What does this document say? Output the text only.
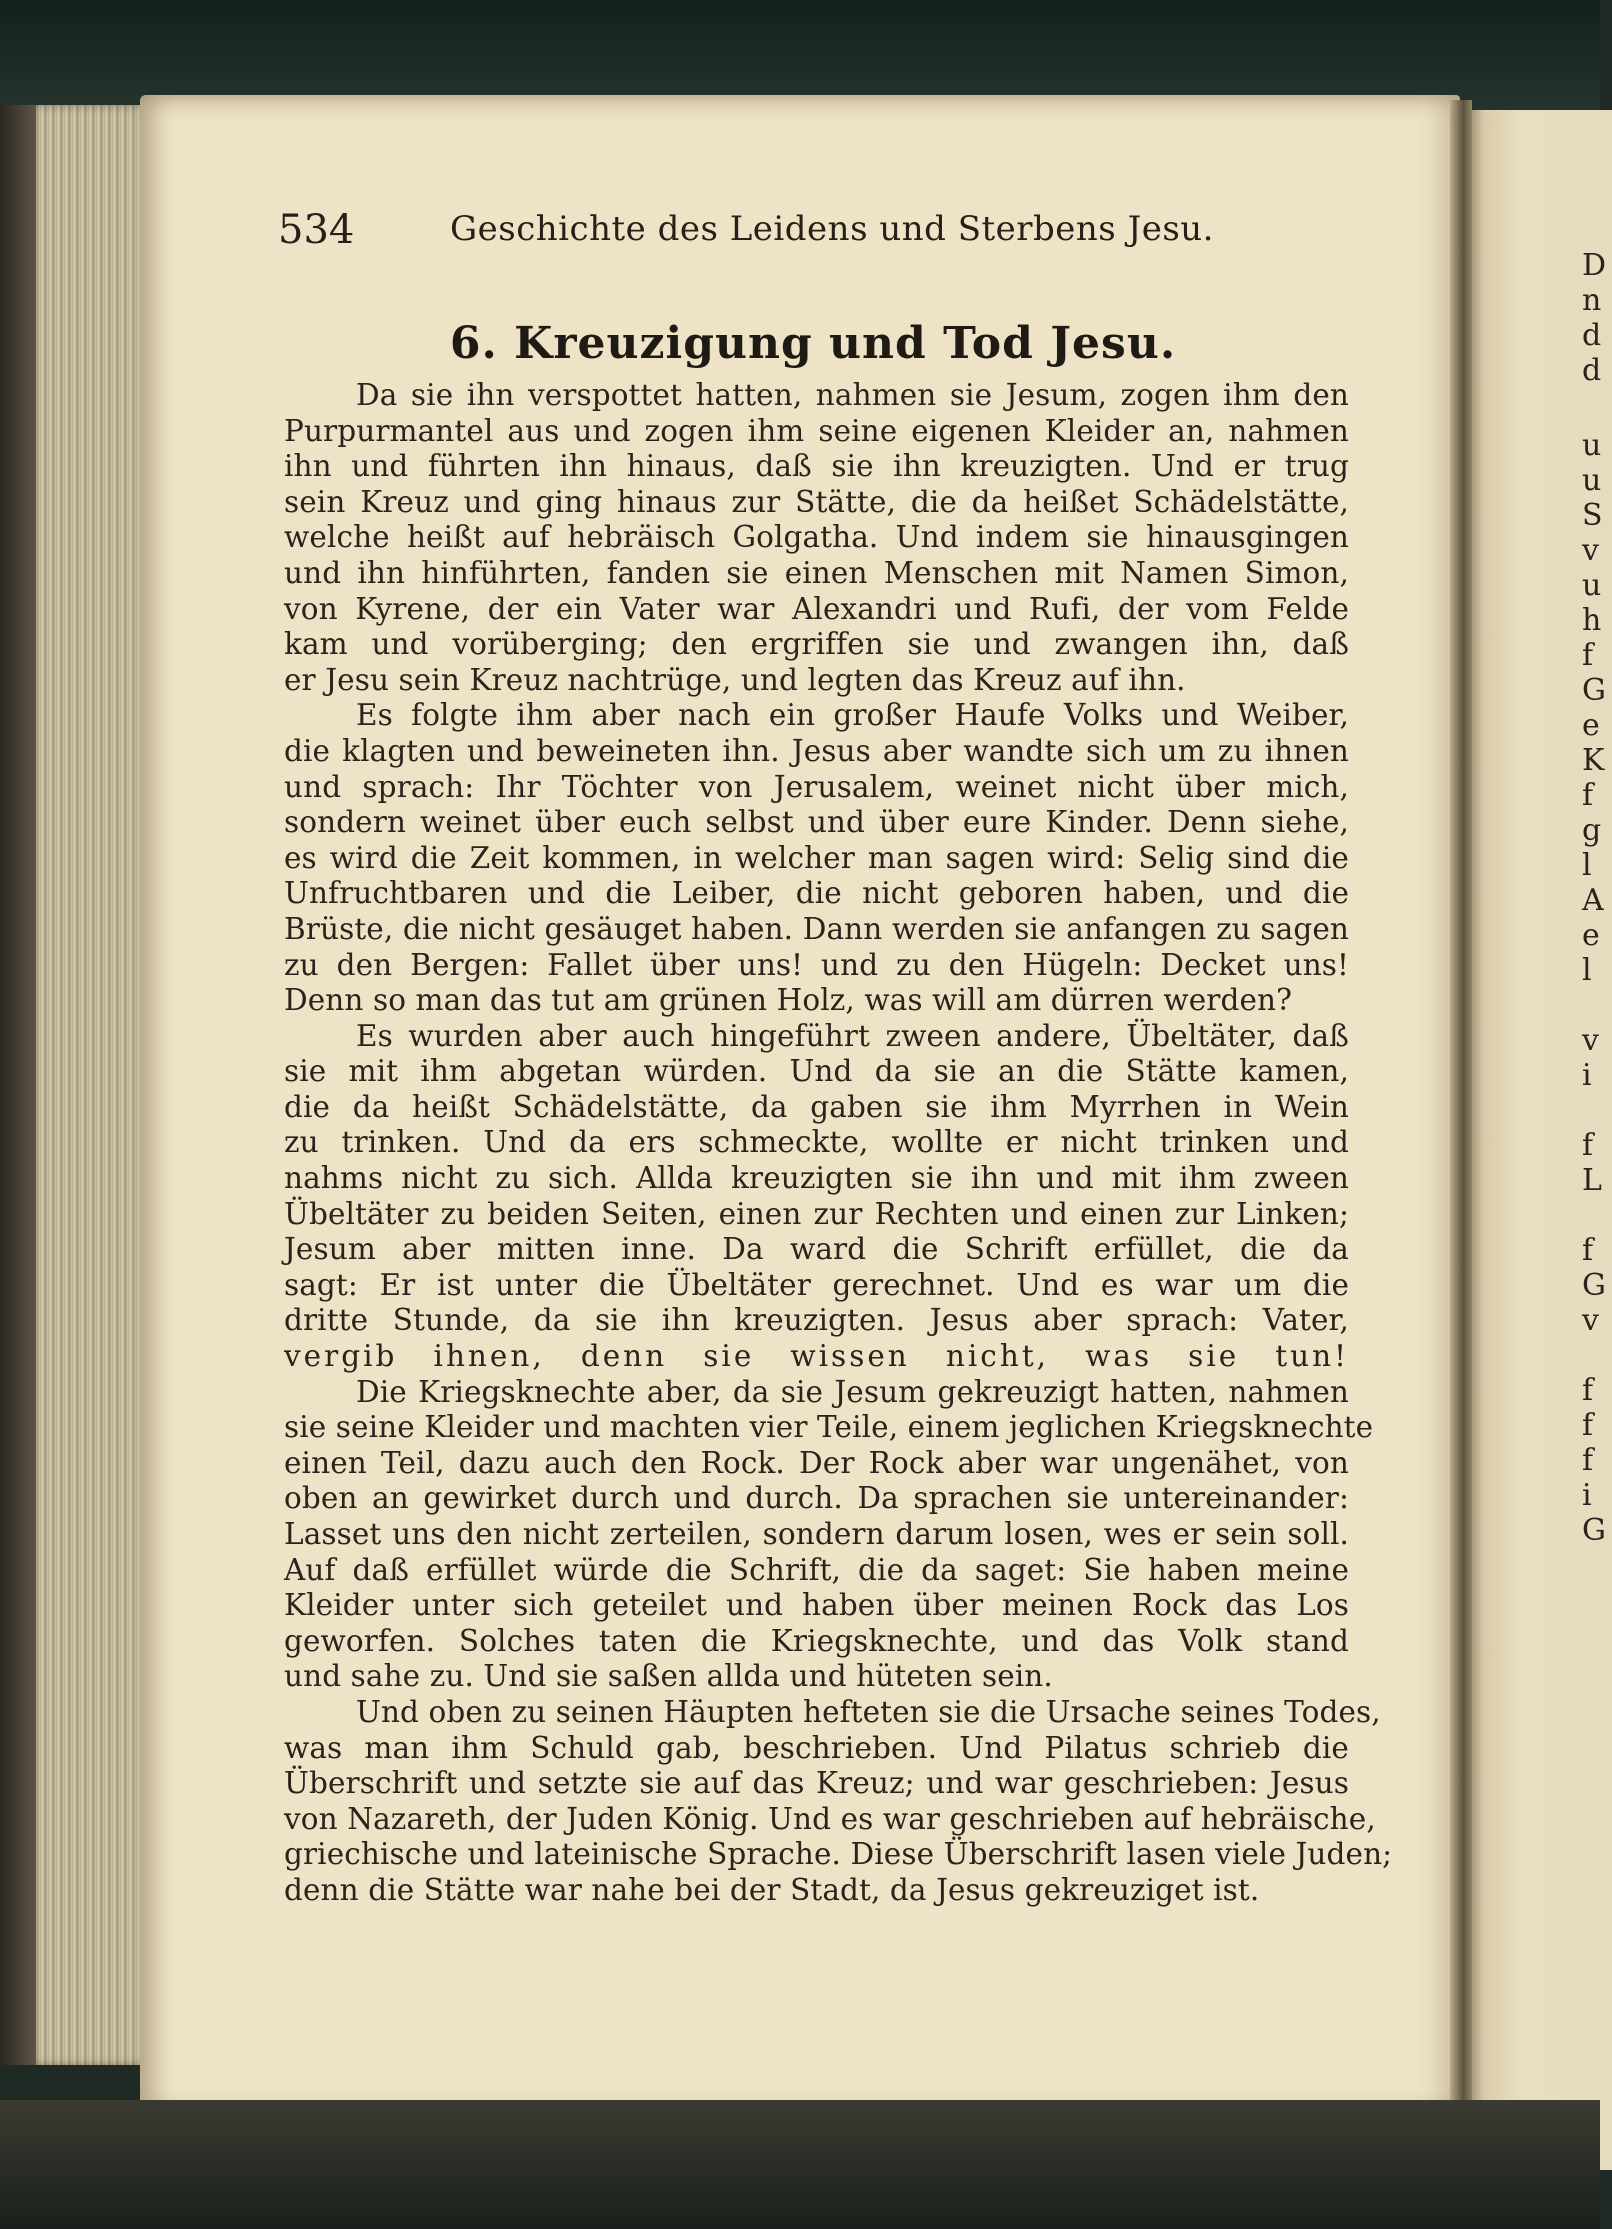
534	Geschichte des Leidens und Sterbens Jesu.
6. Kreuzigung und Tod Jesu.
Da sie ihn verspottet hatten, nahmen sie Jesum, zogen ihm den
Purpurmantel aus und zogen ihm seine eigenen Kleider an, nahmen
ihn und führten ihn hinaus, daß sie ihn kreuzigten. Und er trug
sein Kreuz und ging hinaus zur Stätte, die da heißet Schädelstätte,
welche heißt auf hebräisch Golgatha. Und indem sie hinausgingen
und ihn hinführten, fanden sie einen Menschen mit Namen Simon,
von Kyrene, der ein Vater war Alexandri und Rufi, der vom Felde
kam und vorüberging; den ergriffen sie und zwangen ihn, daß
er Jesu sein Kreuz nachtrüge, und legten das Kreuz auf ihn.
Es folgte ihm aber nach ein großer Haufe Volks und Weiber,
die klagten und beweineten ihn. Jesus aber wandte sich um zu ihnen
und sprach: Ihr Töchter von Jerusalem, weinet nicht über mich,
sondern weinet über euch selbst und über eure Kinder. Denn siehe,
es wird die Zeit kommen, in welcher man sagen wird: Selig sind die
Unfruchtbaren und die Leiber, die nicht geboren haben, und die
Brüste, die nicht gesäuget haben. Dann werden sie anfangen zu sagen
zu den Bergen: Fallet über uns! und zu den Hügeln: Decket uns!
Denn so man das tut am grünen Holz, was will am dürren werden?
Es wurden aber auch hingeführt zween andere, Übeltäter, daß
sie mit ihm abgetan würden. Und da sie an die Stätte kamen,
die da heißt Schädelstätte, da gaben sie ihm Myrrhen in Wein
zu trinken. Und da ers schmeckte, wollte er nicht trinken und
nahms nicht zu sich. Allda kreuzigten sie ihn und mit ihm zween
Übeltäter zu beiden Seiten, einen zur Rechten und einen zur Linken;
Jesum aber mitten inne. Da ward die Schrift erfüllet, die da
sagt: Er ist unter die Übeltäter gerechnet. Und es war um die
dritte Stunde, da sie ihn kreuzigten. Jesus aber sprach: Vater,
vergib ihnen, denn sie wissen nicht, was sie tun!
Die Kriegsknechte aber, da sie Jesum gekreuzigt hatten, nahmen
sie seine Kleider und machten vier Teile, einem jeglichen Kriegsknechte
einen Teil, dazu auch den Rock. Der Rock aber war ungenähet, von
oben an gewirket durch und durch. Da sprachen sie untereinander:
Lasset uns den nicht zerteilen, sondern darum losen, wes er sein soll.
Auf daß erfüllet würde die Schrift, die da saget: Sie haben meine
Kleider unter sich geteilet und haben über meinen Rock das Los
geworfen. Solches taten die Kriegsknechte, und das Volk stand
und sahe zu. Und sie saßen allda und hüteten sein.
Und oben zu seinen Häupten hefteten sie die Ursache seines Todes,
was man ihm Schuld gab, beschrieben. Und Pilatus schrieb die
Überschrift und setzte sie auf das Kreuz; und war geschrieben: Jesus
von Nazareth, der Juden König. Und es war geschrieben auf hebräische,
griechische und lateinische Sprache. Diese Überschrift lasen viele Juden;
denn die Stätte war nahe bei der Stadt, da Jesus gekreuziget ist.
D
n
d
d
u
u
S
v
u
h
f
G
e
K
f
g
l
A
e
l
v
i
f
L
f
G
v
f
f
f
i
G
